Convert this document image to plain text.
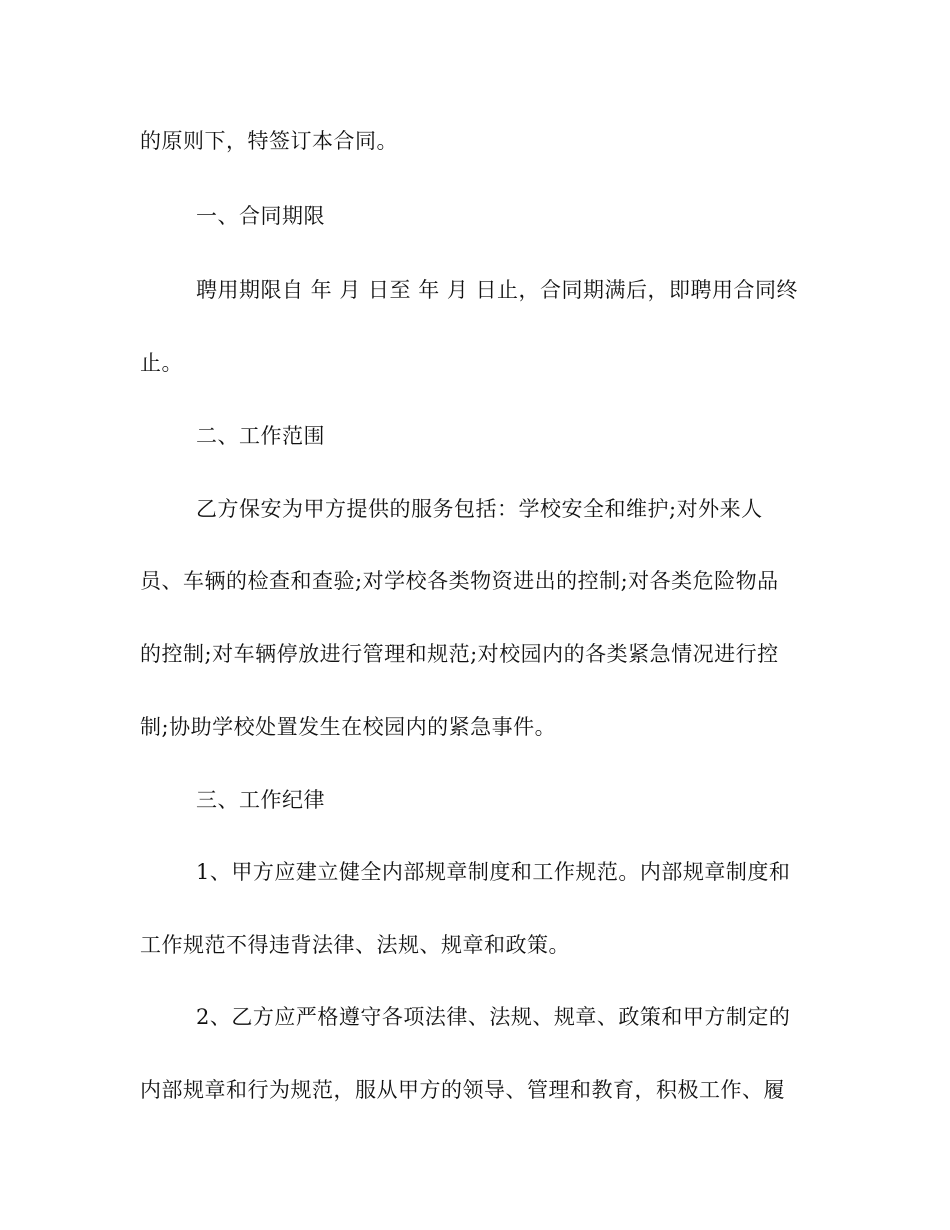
的原则下，特签订本合同。
一、合同期限
聘用期限自 年 月 日至 年 月 日止，合同期满后，即聘用合同终
止。
二、工作范围
乙方保安为甲方提供的服务包括：学校安全和维护;对外来人
员、车辆的检查和查验;对学校各类物资进出的控制;对各类危险物品
的控制;对车辆停放进行管理和规范;对校园内的各类紧急情况进行控
制;协助学校处置发生在校园内的紧急事件。
三、工作纪律
1、甲方应建立健全内部规章制度和工作规范。内部规章制度和
工作规范不得违背法律、法规、规章和政策。
2、乙方应严格遵守各项法律、法规、规章、政策和甲方制定的
内部规章和行为规范，服从甲方的领导、管理和教育，积极工作、履
